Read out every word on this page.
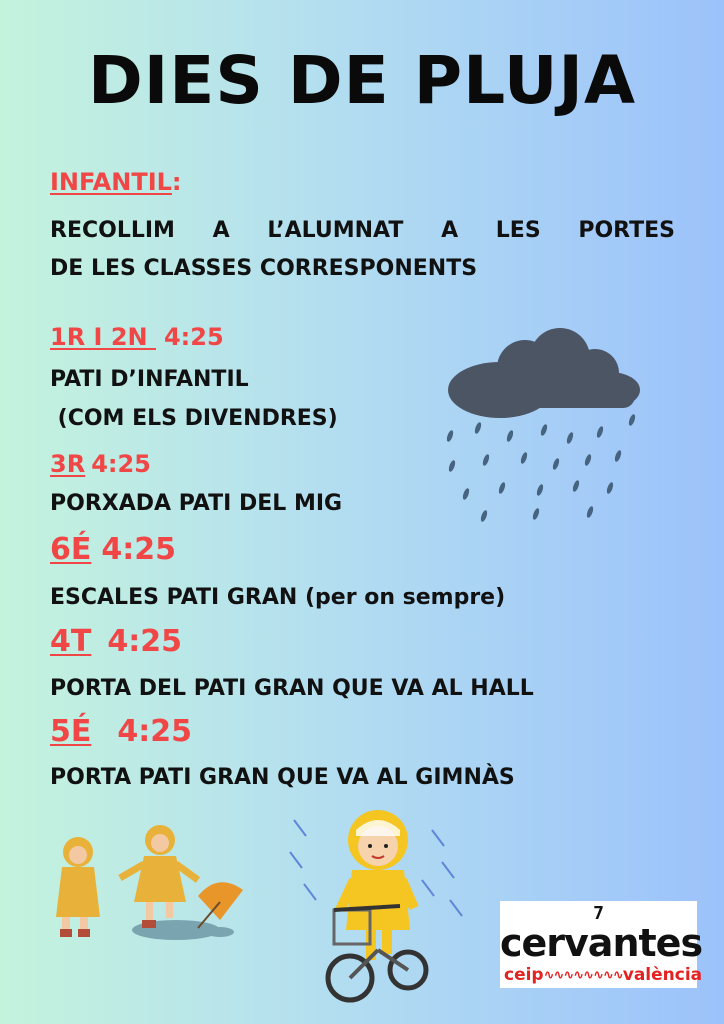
DIES DE PLUJA
INFANTIL:
RECOLLIM A L’ALUMNAT A LES PORTES
DE LES CLASSES CORRESPONENTS
1R I 2N 4:25
PATI D’INFANTIL
(COM ELS DIVENDRES)
3R 4:25
PORXADA PATI DEL MIG
6É 4:25
ESCALES PATI GRAN (per on sempre)
4T 4:25
PORTA DEL PATI GRAN QUE VA AL HALL
5É 4:25
PORTA PATI GRAN QUE VA AL GIMNÀS
7
cervantes
ceip ∿∿∿∿∿∿∿∿ valència
